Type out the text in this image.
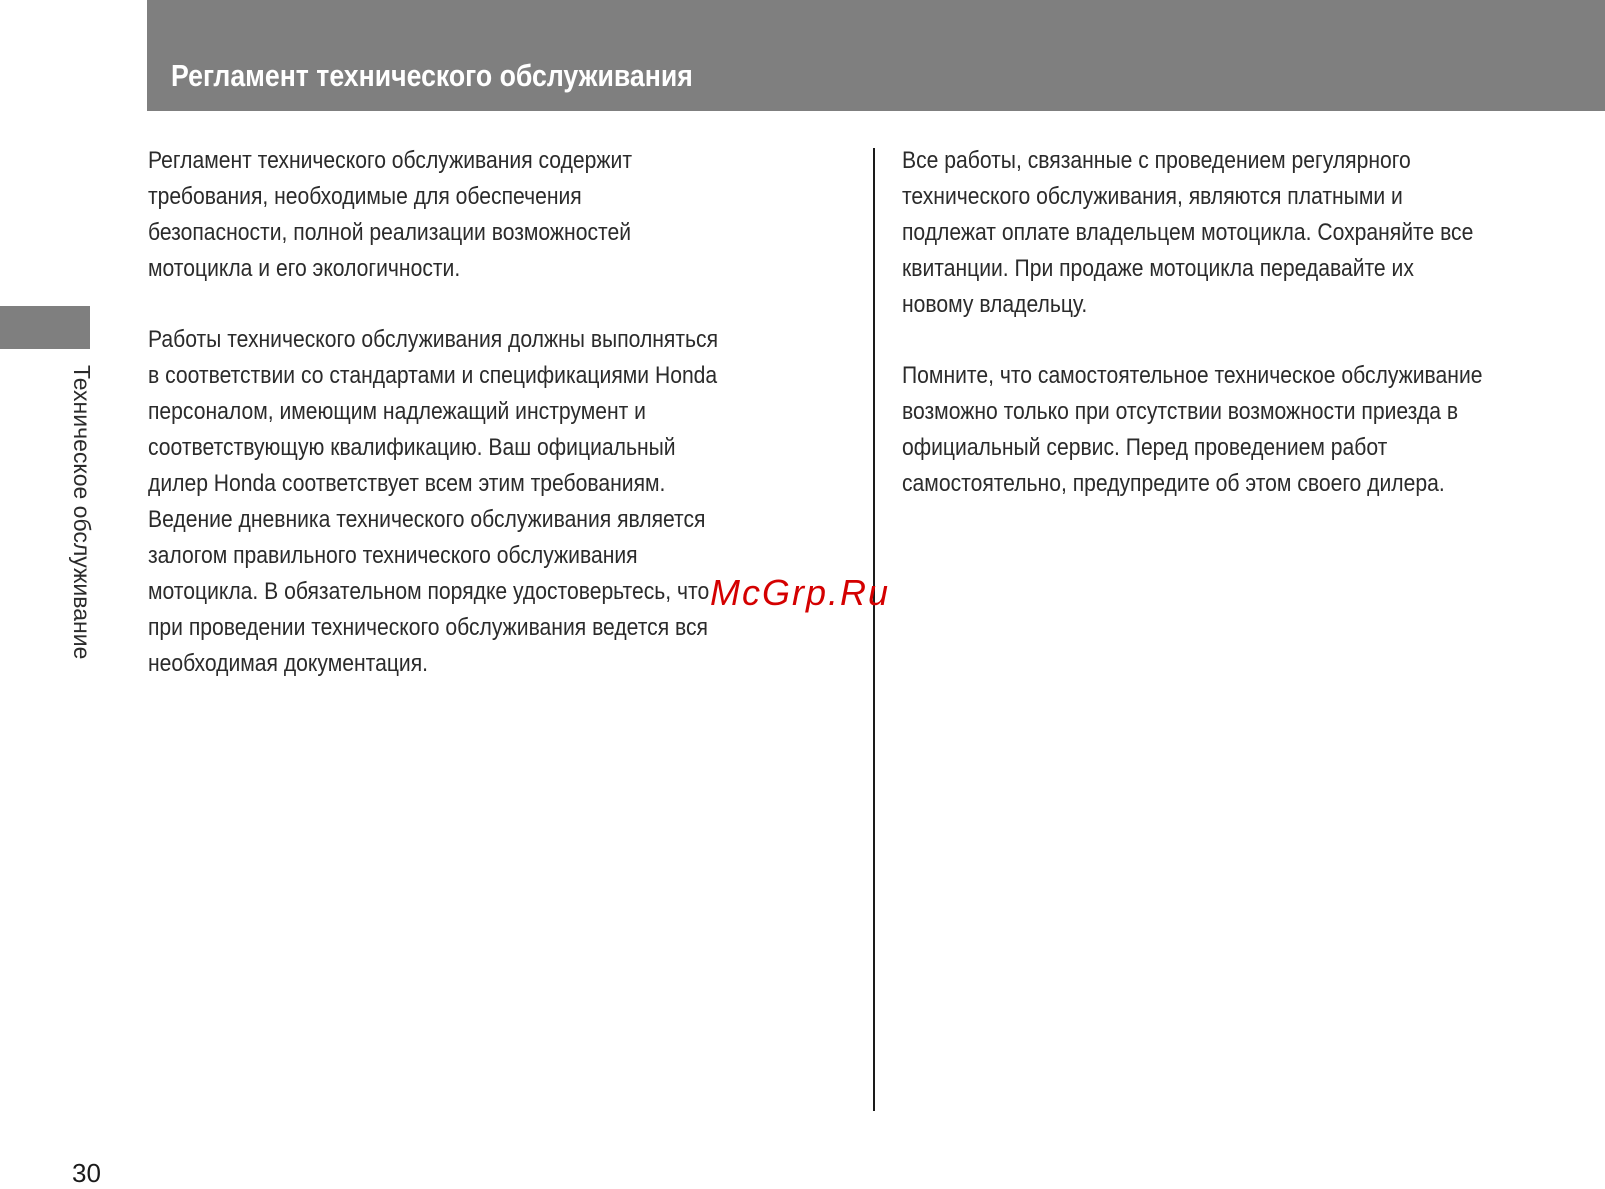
Регламент технического обслуживания
Техническое обслуживание

Регламент технического обслуживания содержит

требования, необходимые для обеспечения

безопасности, полной реализации возможностей

мотоцикла и его экологичности.

Работы технического обслуживания должны выполняться

в соответствии со стандартами и спецификациями Honda

персоналом, имеющим надлежащий инструмент и

соответствующую квалификацию. Ваш официальный

дилер Honda соответствует всем этим требованиям.

Ведение дневника технического обслуживания является

залогом правильного технического обслуживания

мотоцикла. В обязательном порядке удостоверьтесь, что

при проведении технического обслуживания ведется вся

необходимая документация.

Все работы, связанные с проведением регулярного

технического обслуживания, являются платными и

подлежат оплате владельцем мотоцикла. Сохраняйте все

квитанции. При продаже мотоцикла передавайте их

новому владельцу.

Помните, что самостоятельное техническое обслуживание

возможно только при отсутствии возможности приезда в

официальный сервис. Перед проведением работ

самостоятельно, предупредите об этом своего дилера.

McGrp.Ru
30
